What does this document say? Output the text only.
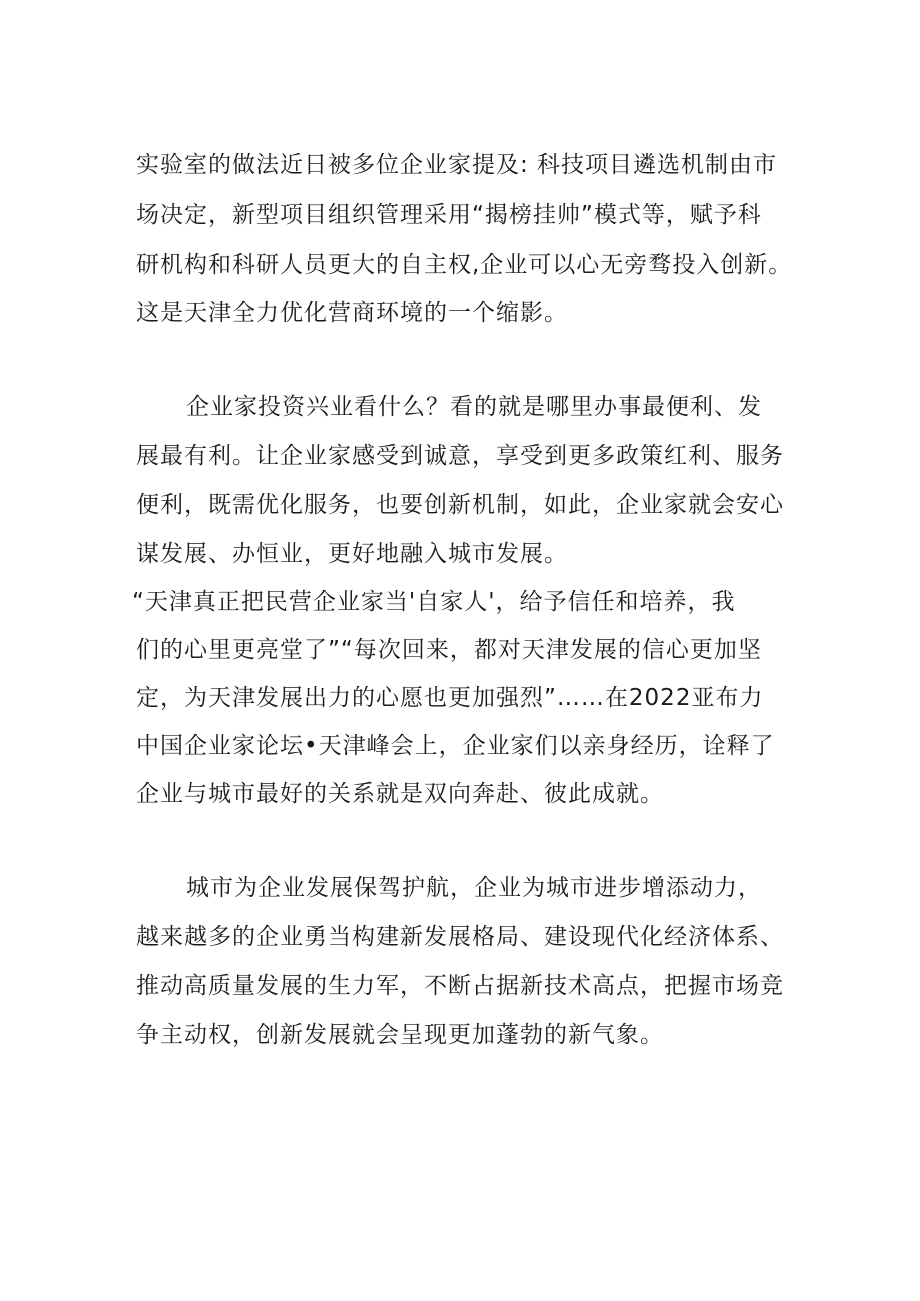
实验室的做法近日被多位企业家提及: 科技项目遴选机制由市
场决定，新型项目组织管理采用“揭榜挂帅”模式等，赋予科
研机构和科研人员更大的自主权,企业可以心无旁骛投入创新。
这是天津全力优化营商环境的一个缩影。
企业家投资兴业看什么？看的就是哪里办事最便利、发
展最有利。让企业家感受到诚意，享受到更多政策红利、服务
便利，既需优化服务，也要创新机制，如此，企业家就会安心
谋发展、办恒业，更好地融入城市发展。
“天津真正把民营企业家当'自家人'，给予信任和培养，我
们的心里更亮堂了”“每次回来，都对天津发展的信心更加坚
定，为天津发展出力的心愿也更加强烈”……在2022亚布力
中国企业家论坛•天津峰会上，企业家们以亲身经历，诠释了
企业与城市最好的关系就是双向奔赴、彼此成就。
城市为企业发展保驾护航，企业为城市进步增添动力，
越来越多的企业勇当构建新发展格局、建设现代化经济体系、
推动高质量发展的生力军，不断占据新技术高点，把握市场竞
争主动权，创新发展就会呈现更加蓬勃的新气象。
